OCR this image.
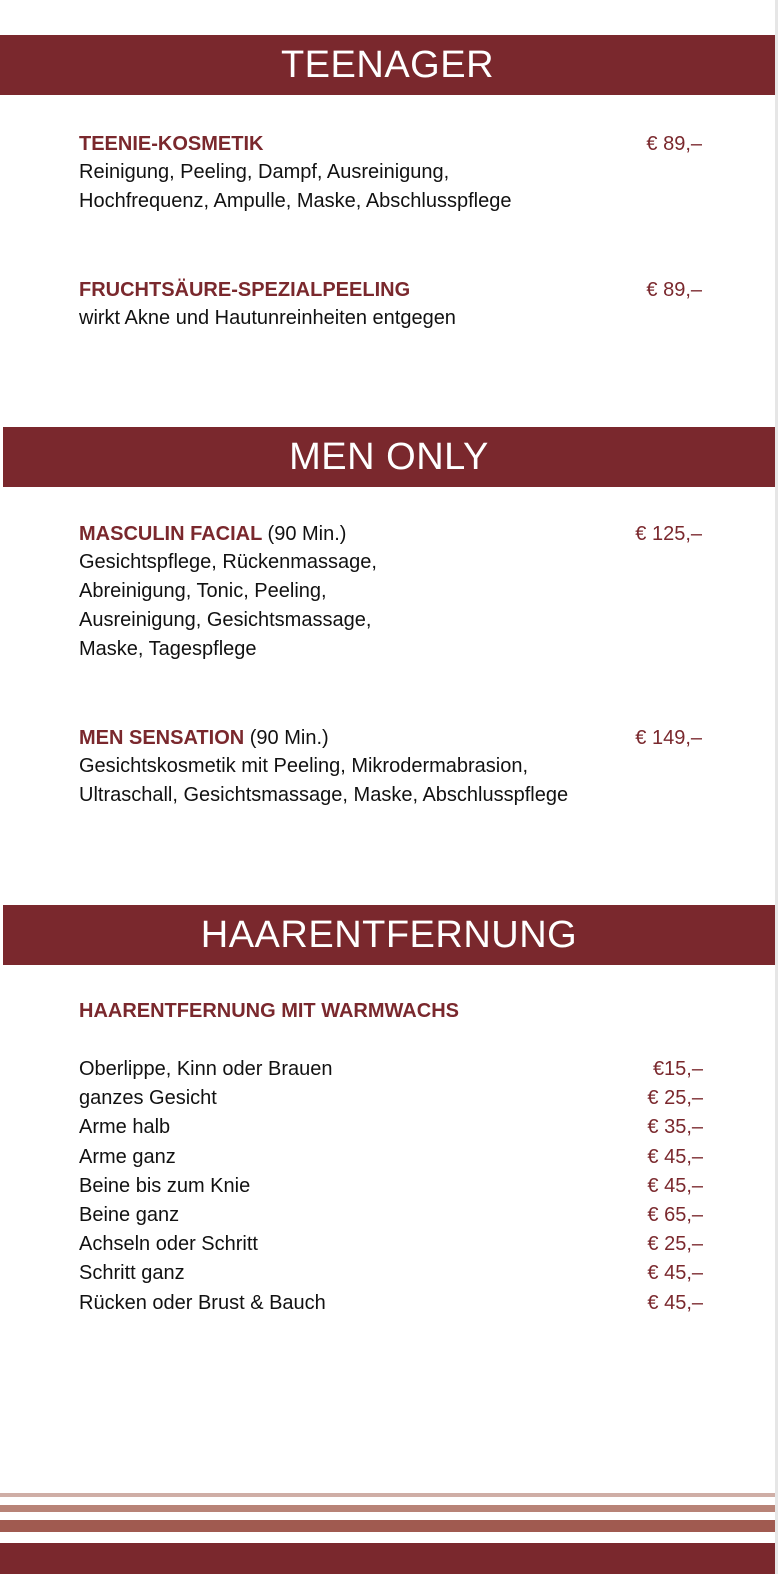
TEENAGER
TEENIE-KOSMETIK	€ 89,–
Reinigung, Peeling, Dampf, Ausreinigung,
Hochfrequenz, Ampulle, Maske, Abschlusspflege
FRUCHTSÄURE-SPEZIALPEELING	€ 89,–
wirkt Akne und Hautunreinheiten entgegen
MEN ONLY
MASCULIN FACIAL (90 Min.)	€ 125,–
Gesichtspflege, Rückenmassage,
Abreinigung, Tonic, Peeling,
Ausreinigung, Gesichtsmassage,
Maske, Tagespflege
MEN SENSATION (90 Min.)	€ 149,–
Gesichtskosmetik mit Peeling, Mikrodermabrasion,
Ultraschall, Gesichtsmassage, Maske, Abschlusspflege
HAARENTFERNUNG
HAARENTFERNUNG MIT WARMWACHS
Oberlippe, Kinn oder Brauen	€15,–
ganzes Gesicht	€ 25,–
Arme halb	€ 35,–
Arme ganz	€ 45,–
Beine bis zum Knie	€ 45,–
Beine ganz	€ 65,–
Achseln oder Schritt	€ 25,–
Schritt ganz	€ 45,–
Rücken oder Brust & Bauch	€ 45,–
